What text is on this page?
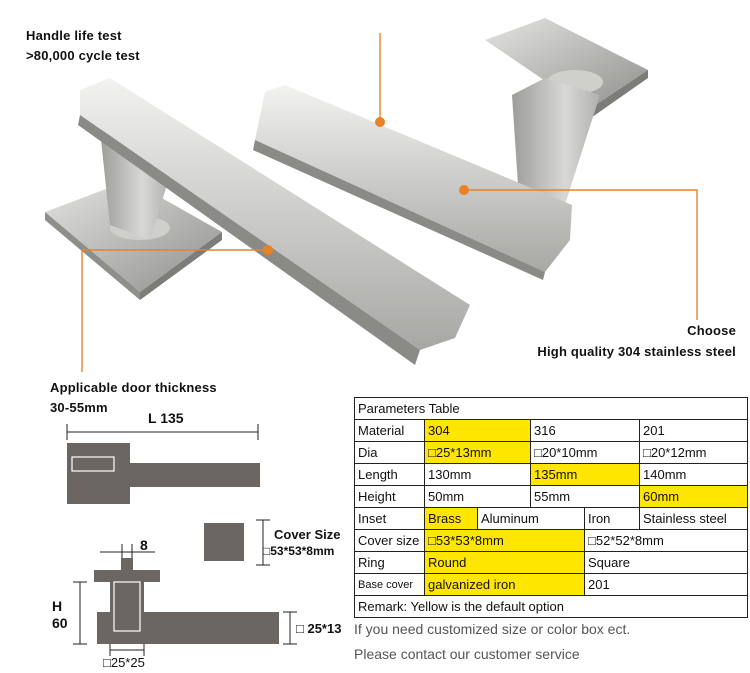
Handle life test
>80,000 cycle test
Choose
High quality 304 stainless steel
Applicable door thickness
30-55mm
L 135
8
Cover Size
□53*53*8mm
H
60	□ 25*13
□25*25
Parameters Table					
Material	304		316		201
Dia	□25*13mm		□20*10mm		□20*12mm
Length	130mm		135mm		140mm
Height	50mm		55mm		60mm
Inset	Brass	Aluminum		Iron	Stainless steel
Cover size	□53*53*8mm			□52*52*8mm	
Ring	Round			Square	
Base cover	galvanized iron			201	
Remark: Yellow is the default option					
If you need customized size or color box ect.
Please contact our customer service
